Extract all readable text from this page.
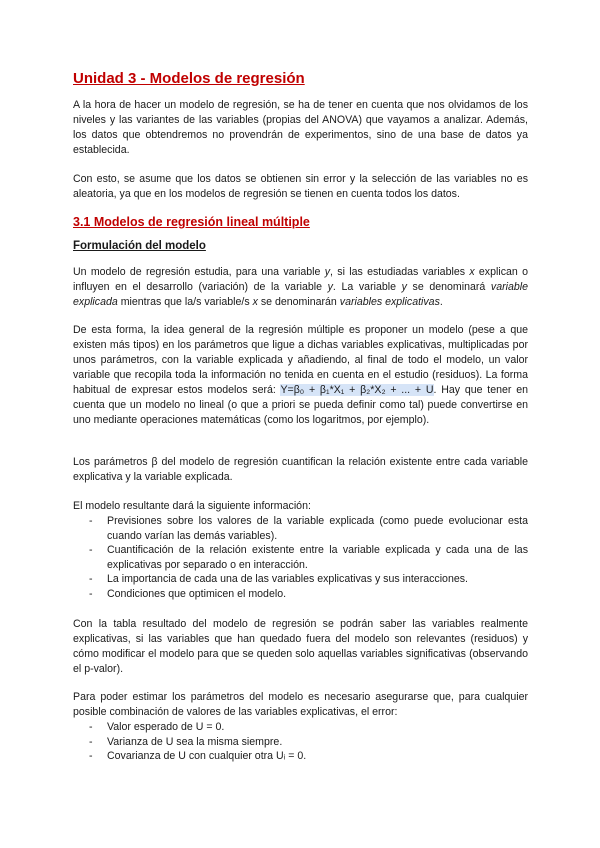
Unidad 3 - Modelos de regresión

A la hora de hacer un modelo de regresión, se ha de tener en cuenta que nos olvidamos de los niveles y las variantes de las variables (propias del ANOVA) que vayamos a analizar. Además, los datos que obtendremos no provendrán de experimentos, sino de una base de datos ya establecida.

Con esto, se asume que los datos se obtienen sin error y la selección de las variables no es aleatoria, ya que en los modelos de regresión se tienen en cuenta todos los datos.

3.1 Modelos de regresión lineal múltiple
Formulación del modelo

Un modelo de regresión estudia, para una variable y, si las estudiadas variables x explican o influyen en el desarrollo (variación) de la variable y. La variable y se denominará variable explicada mientras que la/s variable/s x se denominarán variables explicativas.

De esta forma, la idea general de la regresión múltiple es proponer un modelo (pese a que existen más tipos) en los parámetros que ligue a dichas variables explicativas, multiplicadas por unos parámetros, con la variable explicada y añadiendo, al final de todo el modelo, un valor variable que recopila toda la información no tenida en cuenta en el estudio (residuos). La forma habitual de expresar estos modelos será: Y=β₀ + β₁*X₁ + β₂*X₂ + ... + U. Hay que tener en cuenta que un modelo no lineal (o que a priori se pueda definir como tal) puede convertirse en uno mediante operaciones matemáticas (como los logaritmos, por ejemplo).

Los parámetros β del modelo de regresión cuantifican la relación existente entre cada variable explicativa y la variable explicada.

El modelo resultante dará la siguiente información:

- Previsiones sobre los valores de la variable explicada (como puede evolucionar esta cuando varían las demás variables).
- Cuantificación de la relación existente entre la variable explicada y cada una de las explicativas por separado o en interacción.
- La importancia de cada una de las variables explicativas y sus interacciones.
- Condiciones que optimicen el modelo.

Con la tabla resultado del modelo de regresión se podrán saber las variables realmente explicativas, si las variables que han quedado fuera del modelo son relevantes (residuos) y cómo modificar el modelo para que se queden solo aquellas variables significativas (observando el p-valor).

Para poder estimar los parámetros del modelo es necesario asegurarse que, para cualquier posible combinación de valores de las variables explicativas, el error:

- Valor esperado de U = 0.
- Varianza de U sea la misma siempre.
- Covarianza de U con cualquier otra Uᵢ = 0.
